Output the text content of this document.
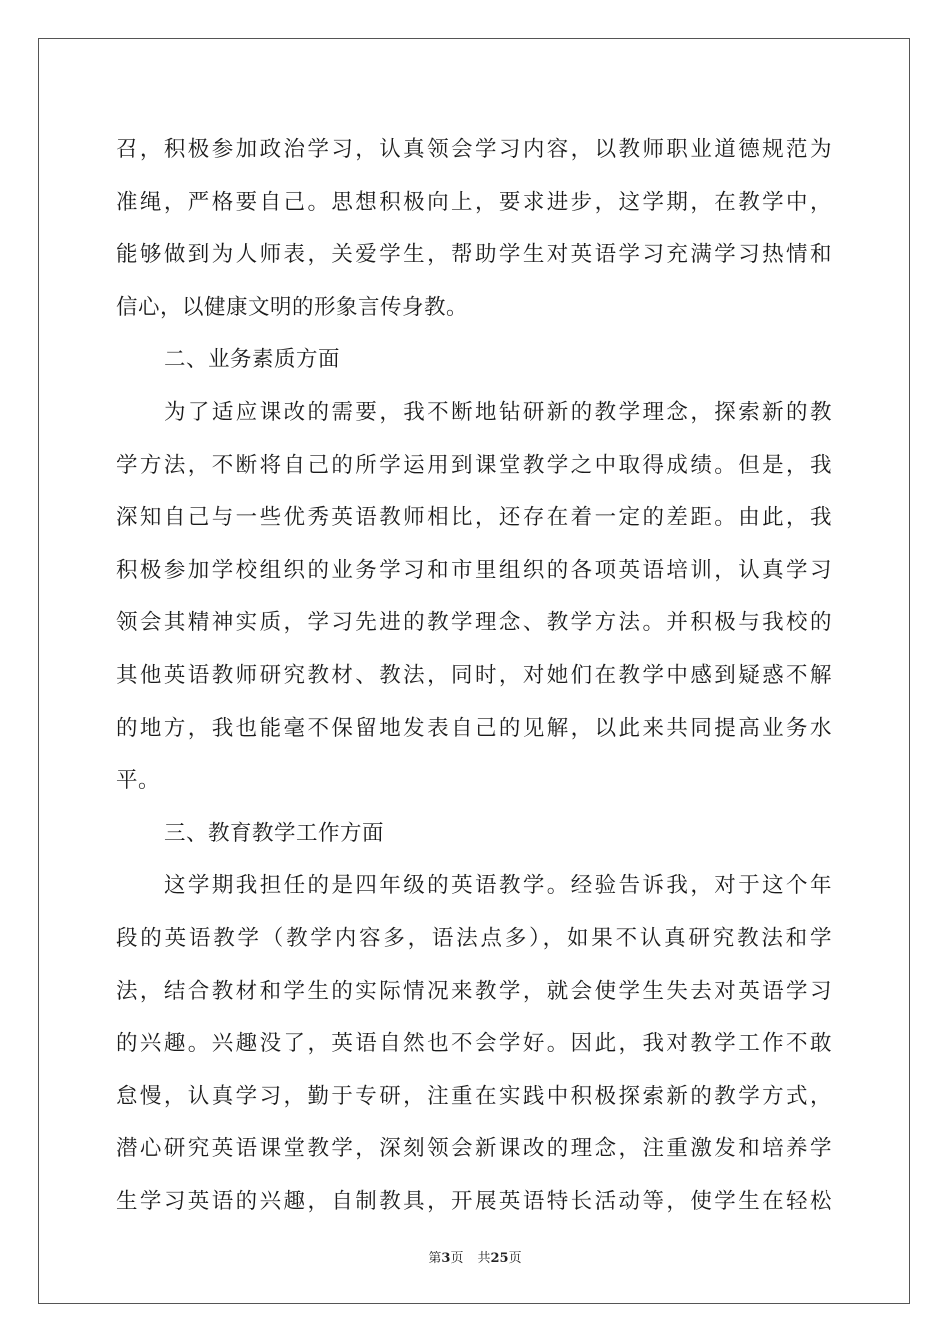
召，积极参加政治学习，认真领会学习内容，以教师职业道德规范为
准绳，严格要自己。思想积极向上，要求进步，这学期，在教学中，
能够做到为人师表，关爱学生，帮助学生对英语学习充满学习热情和
信心，以健康文明的形象言传身教。
二、业务素质方面
为了适应课改的需要，我不断地钻研新的教学理念，探索新的教
学方法，不断将自己的所学运用到课堂教学之中取得成绩。但是，我
深知自己与一些优秀英语教师相比，还存在着一定的差距。由此，我
积极参加学校组织的业务学习和市里组织的各项英语培训，认真学习
领会其精神实质，学习先进的教学理念、教学方法。并积极与我校的
其他英语教师研究教材、教法，同时，对她们在教学中感到疑惑不解
的地方，我也能毫不保留地发表自己的见解，以此来共同提高业务水
平。
三、教育教学工作方面
这学期我担任的是四年级的英语教学。经验告诉我，对于这个年
段的英语教学（教学内容多，语法点多），如果不认真研究教法和学
法，结合教材和学生的实际情况来教学，就会使学生失去对英语学习
的兴趣。兴趣没了，英语自然也不会学好。因此，我对教学工作不敢
怠慢，认真学习，勤于专研，注重在实践中积极探索新的教学方式，
潜心研究英语课堂教学，深刻领会新课改的理念，注重激发和培养学
生学习英语的兴趣，自制教具，开展英语特长活动等，使学生在轻松
第3页 共25页
